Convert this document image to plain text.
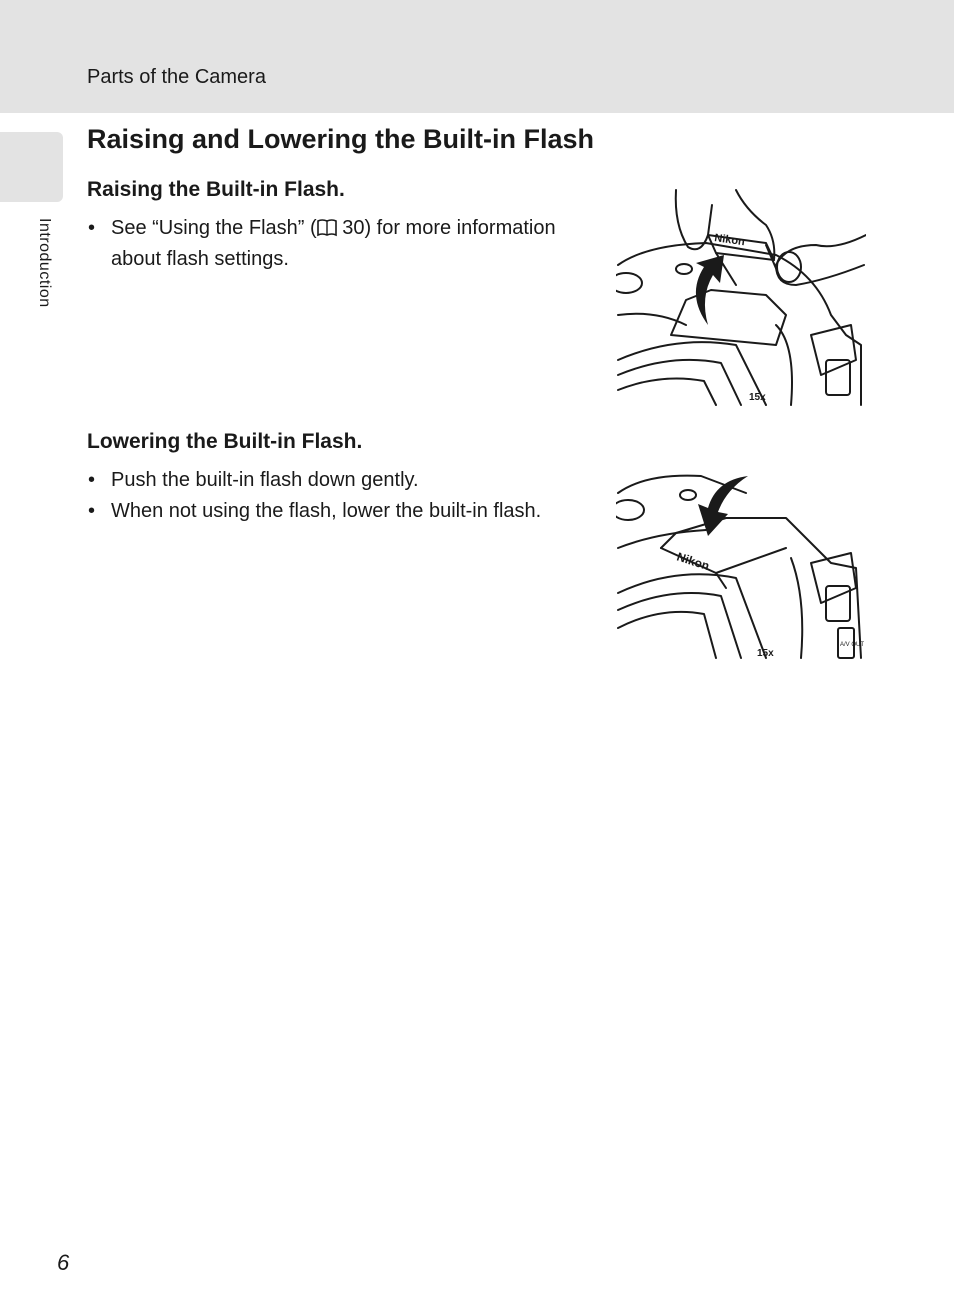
Parts of the Camera
Introduction
Raising and Lowering the Built-in Flash
Raising the Built-in Flash.
• See “Using the Flash” ( 30) for more information about flash settings.
Nikon
15x
Lowering the Built-in Flash.
• Push the built-in flash down gently.
• When not using the flash, lower the built-in flash.
Nikon
15x
A/V OUT
6
